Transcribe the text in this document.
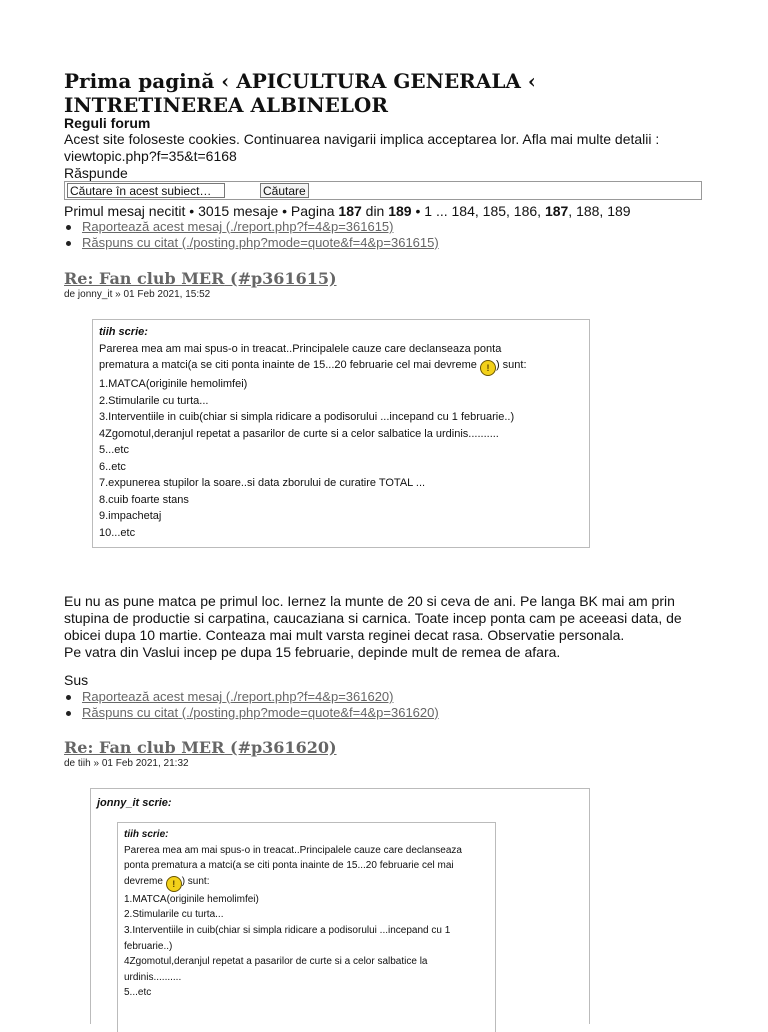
Prima pagină ‹ APICULTURA GENERALA ‹ INTRETINEREA ALBINELOR
Reguli forum
Acest site foloseste cookies. Continuarea navigarii implica acceptarea lor. Afla mai multe detalii : viewtopic.php?f=35&t=6168
Răspunde
Căutare în acest subiect…
Căutare
Primul mesaj necitit • 3015 mesaje • Pagina 187 din 189 • 1 ... 184, 185, 186, 187, 188, 189
Raportează acest mesaj (./report.php?f=4&p=361615)
Răspuns cu citat (./posting.php?mode=quote&f=4&p=361615)
Re: Fan club MER (#p361615)
de jonny_it » 01 Feb 2021, 15:52
tiih scrie:
Parerea mea am mai spus-o in treacat..Principalele cauze care declanseaza ponta
prematura a matci(a se citi ponta inainte de 15...20 februarie cel mai devreme ! ) sunt:
1.MATCA(originile hemolimfei)
2.Stimularile cu turta...
3.Interventiile in cuib(chiar si simpla ridicare a podisorului ...incepand cu 1 februarie..)
4Zgomotul,deranjul repetat a pasarilor de curte si a celor salbatice la urdinis..........
5...etc
6..etc
7.expunerea stupilor la soare..si data zborului de curatire TOTAL ...
8.cuib foarte stans
9.impachetaj
10...etc
Eu nu as pune matca pe primul loc. Iernez la munte de 20 si ceva de ani. Pe langa BK mai am prin stupina de productie si carpatina, caucaziana si carnica. Toate incep ponta cam pe aceeasi data, de obicei dupa 10 martie. Conteaza mai mult varsta reginei decat rasa. Observatie personala.
Pe vatra din Vaslui incep pe dupa 15 februarie, depinde mult de remea de afara.
Sus
Raportează acest mesaj (./report.php?f=4&p=361620)
Răspuns cu citat (./posting.php?mode=quote&f=4&p=361620)
Re: Fan club MER (#p361620)
de tiih » 01 Feb 2021, 21:32
jonny_it scrie:
tiih scrie:
Parerea mea am mai spus-o in treacat..Principalele cauze care declanseaza
ponta prematura a matci(a se citi ponta inainte de 15...20 februarie cel mai
devreme ! ) sunt:
1.MATCA(originile hemolimfei)
2.Stimularile cu turta...
3.Interventiile in cuib(chiar si simpla ridicare a podisorului ...incepand cu 1
februarie..)
4Zgomotul,deranjul repetat a pasarilor de curte si a celor salbatice la
urdinis..........
5...etc
